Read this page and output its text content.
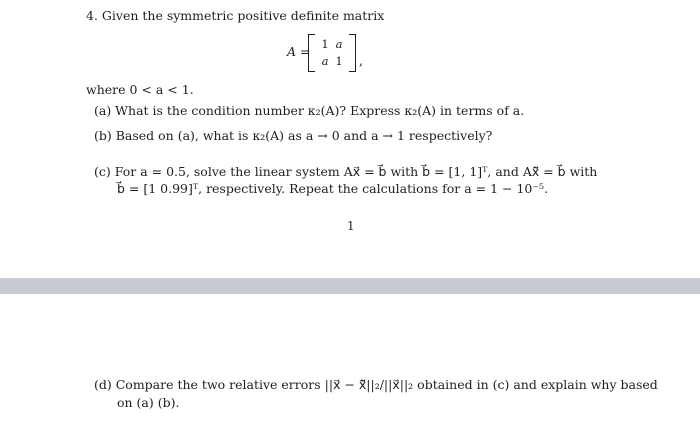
4. Given the symmetric positive definite matrix
A = 1 a
a 1 ,
where 0 < a < 1.
(a) What is the condition number κ₂(A)? Express κ₂(A) in terms of a.
(b) Based on (a), what is κ₂(A) as a → 0 and a → 1 respectively?
(c) For a = 0.5, solve the linear system Ax⃗ = b⃗ with b⃗ = [1, 1]ᵀ, and Ax̃⃗ = b⃗ with
b⃗ = [1 0.99]ᵀ, respectively. Repeat the calculations for a = 1 − 10⁻⁵.
1
(d) Compare the two relative errors ||x⃗ − x̃⃗||₂/||x⃗||₂ obtained in (c) and explain why based
on (a) (b).
